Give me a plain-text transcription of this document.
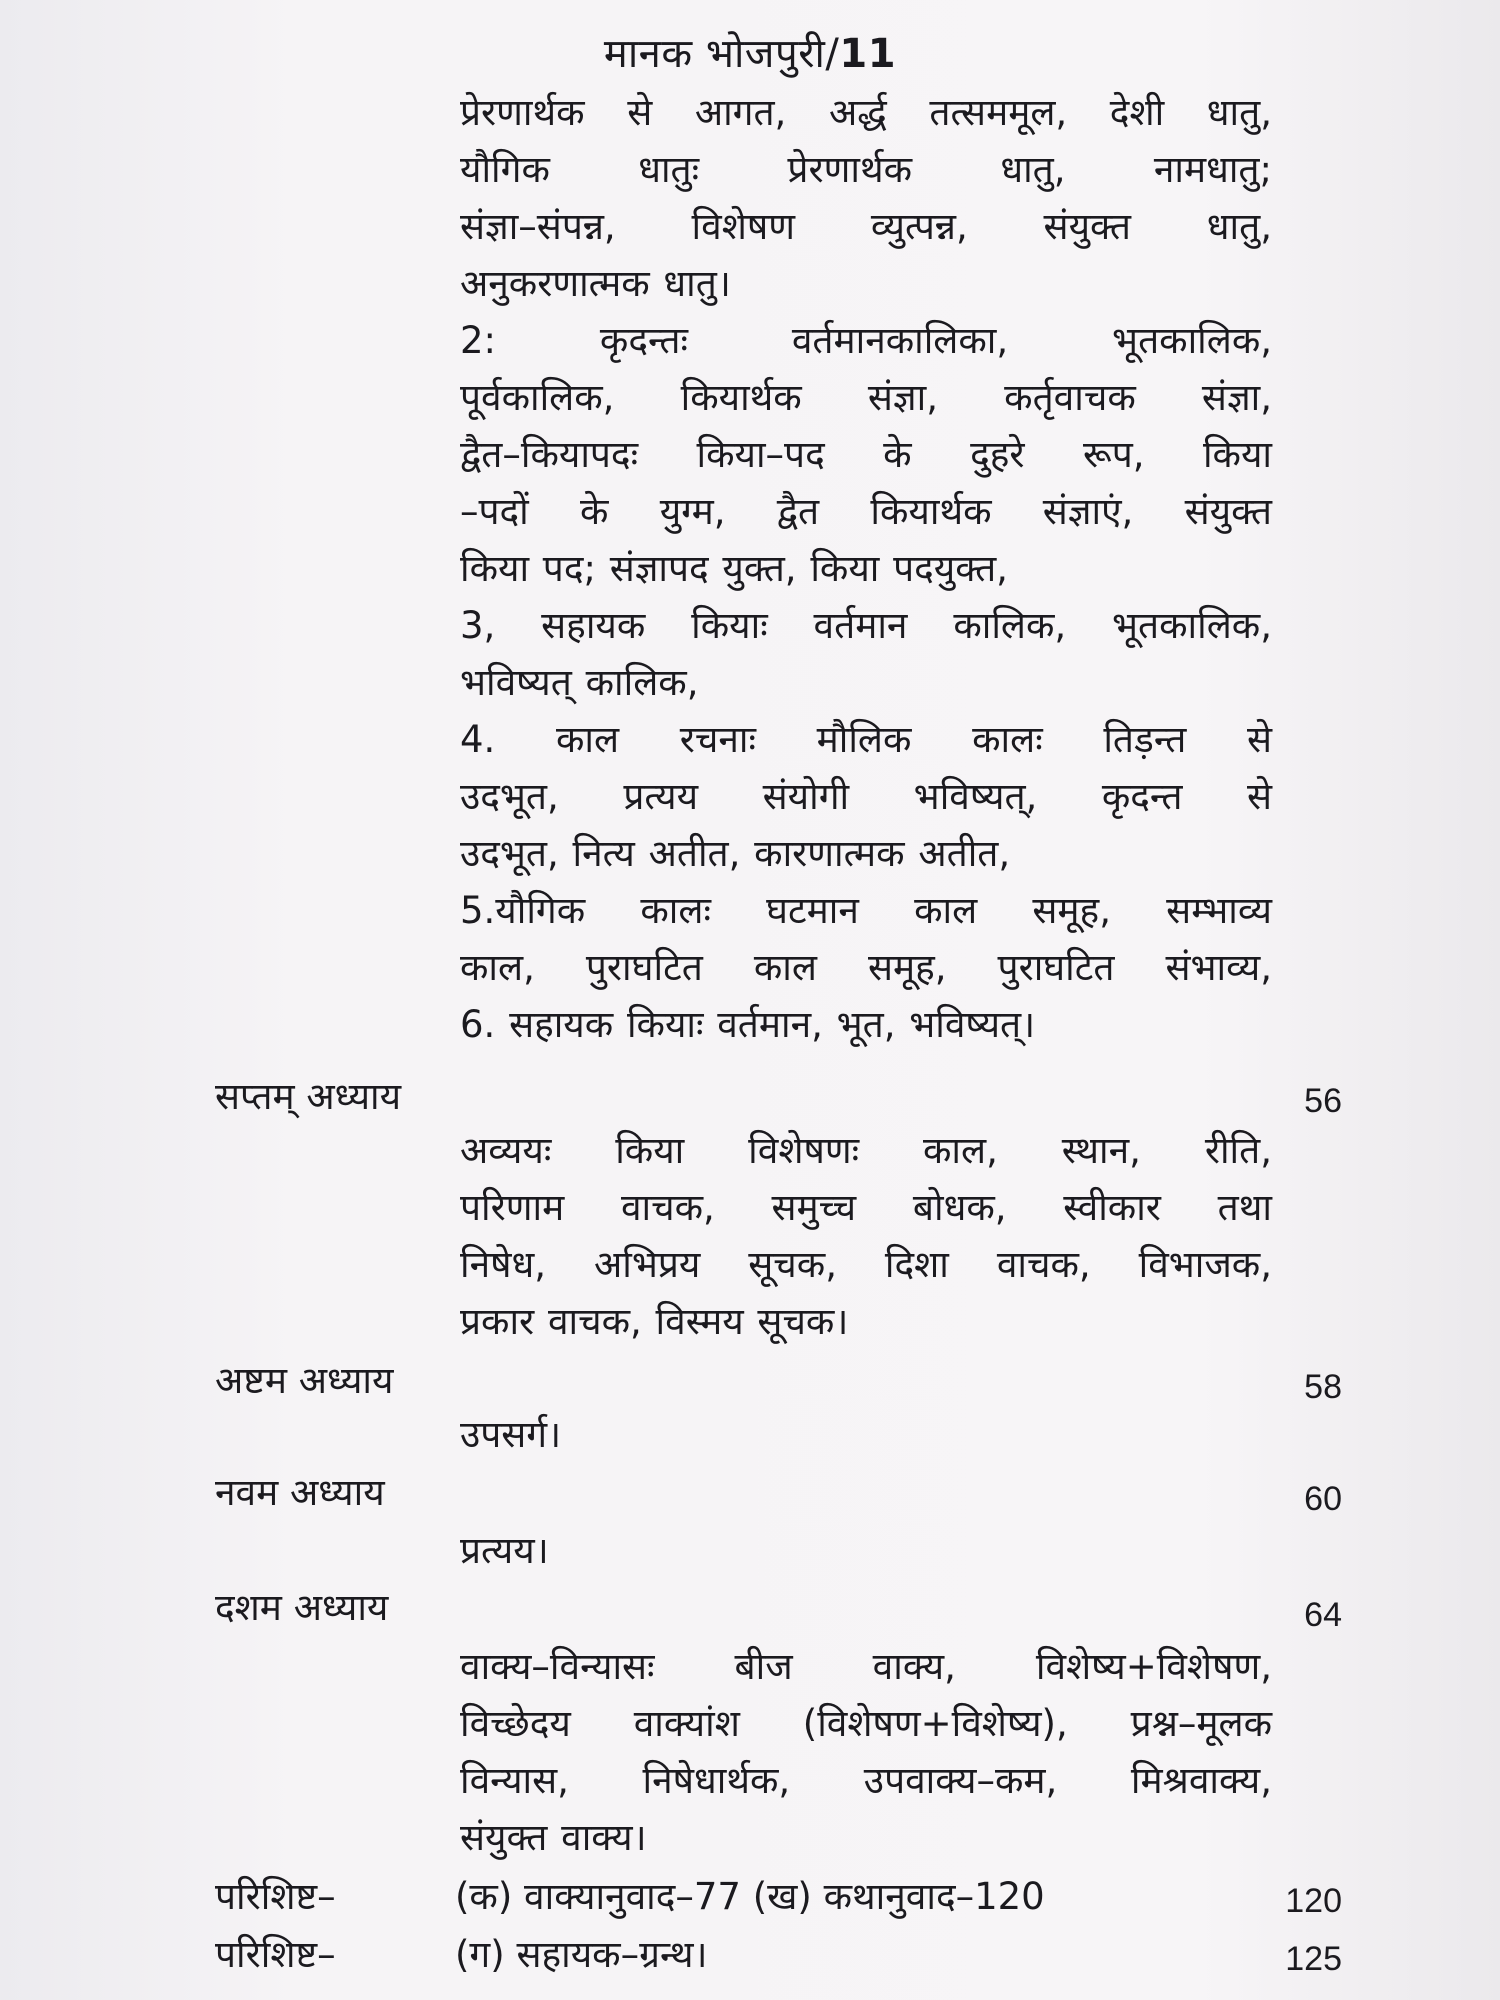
मानक भोजपुरी/11
प्रेरणार्थक से आगत, अर्द्ध तत्सममूल, देशी धातु,
यौगिक धातुः प्रेरणार्थक धातु, नामधातु;
संज्ञा–संपन्न, विशेषण व्युत्पन्न, संयुक्त धातु,
अनुकरणात्मक धातु।
2: कृदन्तः वर्तमानकालिका, भूतकालिक,
पूर्वकालिक, कियार्थक संज्ञा, कर्तृवाचक संज्ञा,
द्वैत–कियापदः किया–पद के दुहरे रूप, किया
–पदों के युग्म, द्वैत कियार्थक संज्ञाएं, संयुक्त
किया पद; संज्ञापद युक्त, किया पदयुक्त,
3, सहायक कियाः वर्तमान कालिक, भूतकालिक,
भविष्यत् कालिक,
4. काल रचनाः मौलिक कालः तिड़न्त से
उदभूत, प्रत्यय संयोगी भविष्यत्, कृदन्त से
उदभूत, नित्य अतीत, कारणात्मक अतीत,
5.यौगिक कालः घटमान काल समूह, सम्भाव्य
काल, पुराघटित काल समूह, पुराघटित संभाव्य,
6. सहायक कियाः वर्तमान, भूत, भविष्यत्।
सप्तम् अध्याय	56
अव्ययः किया विशेषणः काल, स्थान, रीति,
परिणाम वाचक, समुच्च बोधक, स्वीकार तथा
निषेध, अभिप्रय सूचक, दिशा वाचक, विभाजक,
प्रकार वाचक, विस्मय सूचक।
अष्टम अध्याय	58
उपसर्ग।
नवम अध्याय	60
प्रत्यय।
दशम अध्याय	64
वाक्य–विन्यासः बीज वाक्य, विशेष्य+विशेषण,
विच्छेदय वाक्यांश (विशेषण+विशेष्य), प्रश्न–मूलक
विन्यास, निषेधार्थक, उपवाक्य–कम, मिश्रवाक्य,
संयुक्त वाक्य।
परिशिष्ट–	(क) वाक्यानुवाद–77 (ख) कथानुवाद–120	120
परिशिष्ट–	(ग) सहायक–ग्रन्थ।	125
